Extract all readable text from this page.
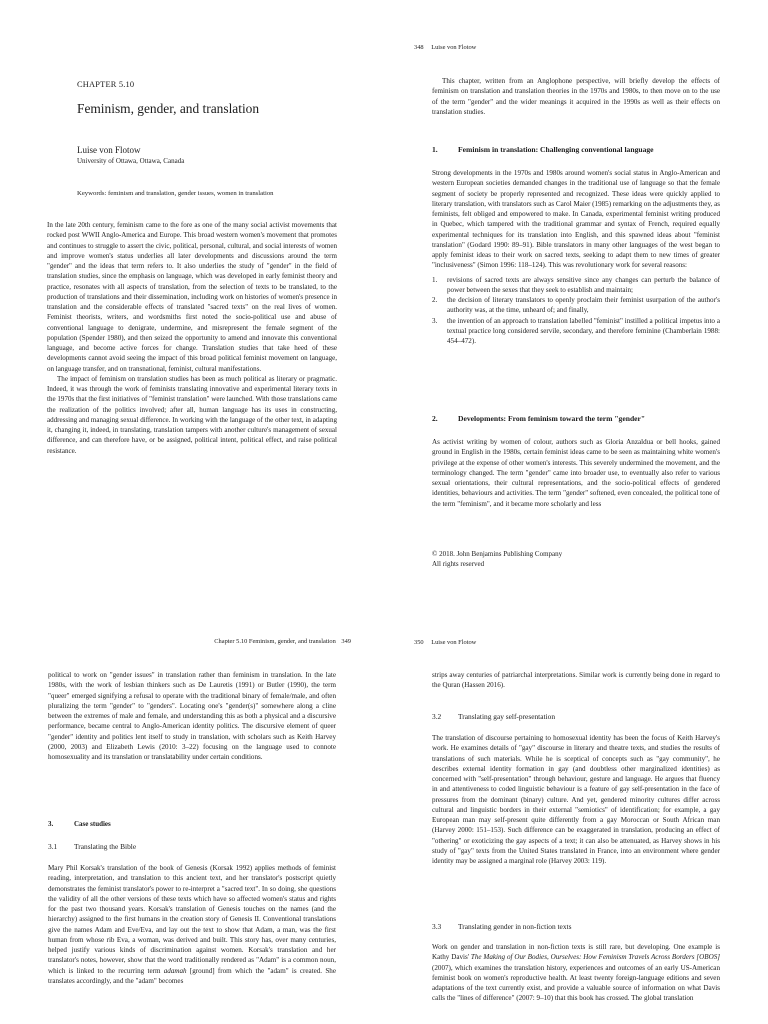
CHAPTER 5.10
Feminism, gender, and translation
Luise von Flotow
University of Ottawa, Ottawa, Canada
Keywords: feminism and translation, gender issues, women in translation

In the late 20th century, feminism came to the fore as one of the many social activist movements that rocked post WWII Anglo-America and Europe. This broad western women's movement that promotes and continues to struggle to assert the civic, political, personal, cultural, and social interests of women and improve women's status underlies all later developments and discussions around the term "gender" and the ideas that term refers to. It also underlies the study of "gender" in the field of translation studies, since the emphasis on language, which was developed in early feminist theory and practice, resonates with all aspects of translation, from the selection of texts to be translated, to the production of translations and their dissemination, including work on histories of women's presence in translation and the considerable effects of translated "sacred texts" on the real lives of women. Feminist theorists, writers, and wordsmiths first noted the socio-political use and abuse of conventional language to denigrate, undermine, and misrepresent the female segment of the population (Spender 1980), and then seized the opportunity to amend and innovate this conventional language, and become active forces for change. Translation studies that take heed of these developments cannot avoid seeing the impact of this broad political feminist movement on language, on language transfer, and on transnational, feminist, cultural manifestations.

The impact of feminism on translation studies has been as much political as literary or pragmatic. Indeed, it was through the work of feminists translating innovative and experimental literary texts in the 1970s that the first initiatives of "feminist translation" were launched. With those translations came the realization of the politics involved; after all, human language has its uses in constructing, addressing and managing sexual difference. In working with the language of the other text, in adapting it, changing it, indeed, in translating, translation tampers with another culture's management of sexual difference, and can therefore have, or be assigned, political intent, political effect, and raise political resistance.

348 Luise von Flotow

This chapter, written from an Anglophone perspective, will briefly develop the effects of feminism on translation and translation theories in the 1970s and 1980s, to then move on to the use of the term "gender" and the wider meanings it acquired in the 1990s as well as their effects on translation studies.

1.	Feminism in translation: Challenging conventional language

Strong developments in the 1970s and 1980s around women's social status in Anglo-American and western European societies demanded changes in the traditional use of language so that the female segment of society be properly represented and recognized. These ideas were quickly applied to literary translation, with translators such as Carol Maier (1985) remarking on the adjustments they, as feminists, felt obliged and empowered to make. In Canada, experimental feminist writing produced in Quebec, which tampered with the traditional grammar and syntax of French, required equally experimental techniques for its translation into English, and this spawned ideas about "feminist translation" (Godard 1990: 89–91). Bible translators in many other languages of the west began to apply feminist ideas to their work on sacred texts, seeking to adapt them to new times of greater "inclusiveness" (Simon 1996: 118–124). This was revolutionary work for several reasons:

1.	revisions of sacred texts are always sensitive since any changes can perturb the balance of power between the sexes that they seek to establish and maintain;
2.	the decision of literary translators to openly proclaim their feminist usurpation of the author's authority was, at the time, unheard of; and finally,
3.	the invention of an approach to translation labelled "feminist" instilled a political impetus into a textual practice long considered servile, secondary, and therefore feminine (Chamberlain 1988: 454–472).
2.	Developments: From feminism toward the term "gender"

As activist writing by women of colour, authors such as Gloria Anzaldua or bell hooks, gained ground in English in the 1980s, certain feminist ideas came to be seen as maintaining white women's privilege at the expense of other women's interests. This severely undermined the movement, and the terminology changed. The term "gender" came into broader use, to eventually also refer to various sexual orientations, their cultural representations, and the socio-political effects of gendered identities, behaviours and activities. The term "gender" softened, even concealed, the political tone of the term "feminism", and it became more scholarly and less

© 2018. John Benjamins Publishing Company
All rights reserved
Chapter 5.10 Feminism, gender, and translation 349

political to work on "gender issues" in translation rather than feminism in translation. In the late 1980s, with the work of lesbian thinkers such as De Lauretis (1991) or Butler (1990), the term "queer" emerged signifying a refusal to operate with the traditional binary of female/male, and often pluralizing the term "gender" to "genders". Locating one's "gender(s)" somewhere along a cline between the extremes of male and female, and understanding this as both a physical and a discursive performance, became central to Anglo-American identity politics. The discursive element of queer "gender" identity and politics lent itself to study in translation, with scholars such as Keith Harvey (2000, 2003) and Elizabeth Lewis (2010: 3–22) focusing on the language used to connote homosexuality and its translation or translatability under certain conditions.

3.	Case studies
3.1 Translating the Bible

Mary Phil Korsak's translation of the book of Genesis (Korsak 1992) applies methods of feminist reading, interpretation, and translation to this ancient text, and her translator's postscript quietly demonstrates the feminist translator's power to re-interpret a "sacred text". In so doing, she questions the validity of all the other versions of these texts which have so affected women's status and rights for the past two thousand years. Korsak's translation of Genesis touches on the names (and the hierarchy) assigned to the first humans in the creation story of Genesis II. Conventional translations give the names Adam and Eve/Eva, and lay out the text to show that Adam, a man, was the first human from whose rib Eva, a woman, was derived and built. This story has, over many centuries, helped justify various kinds of discrimination against women. Korsak's translation and her translator's notes, however, show that the word traditionally rendered as "Adam" is a common noun, which is linked to the recurring term adamah [ground] from which the "adam" is created. She translates accordingly, and the "adam" becomes

350 Luise von Flotow

strips away centuries of patriarchal interpretations. Similar work is currently being done in regard to the Quran (Hassen 2016).

3.2 Translating gay self-presentation

The translation of discourse pertaining to homosexual identity has been the focus of Keith Harvey's work. He examines details of "gay" discourse in literary and theatre texts, and studies the results of translations of such materials. While he is sceptical of concepts such as "gay community", he describes external identity formation in gay (and doubtless other marginalized identities) as concerned with "self-presentation" through behaviour, gesture and language. He argues that fluency in and attentiveness to coded linguistic behaviour is a feature of gay self-presentation in the face of pressures from the dominant (binary) culture. And yet, gendered minority cultures differ across cultural and linguistic borders in their external "semiotics" of identification; for example, a gay European man may self-present quite differently from a gay Moroccan or South African man (Harvey 2000: 151–153). Such difference can be exaggerated in translation, producing an effect of "othering" or exoticizing the gay aspects of a text; it can also be attenuated, as Harvey shows in his study of "gay" texts from the United States translated in France, into an environment where gender identity may be assigned a marginal role (Harvey 2003: 119).

3.3 Translating gender in non-fiction texts

Work on gender and translation in non-fiction texts is still rare, but developing. One example is Kathy Davis' The Making of Our Bodies, Ourselves: How Feminism Travels Across Borders [OBOS] (2007), which examines the translation history, experiences and outcomes of an early US-American feminist book on women's reproductive health. At least twenty foreign-language editions and seven adaptations of the text currently exist, and provide a valuable source of information on what Davis calls the "lines of difference" (2007: 9–10) that this book has crossed. The global translation
